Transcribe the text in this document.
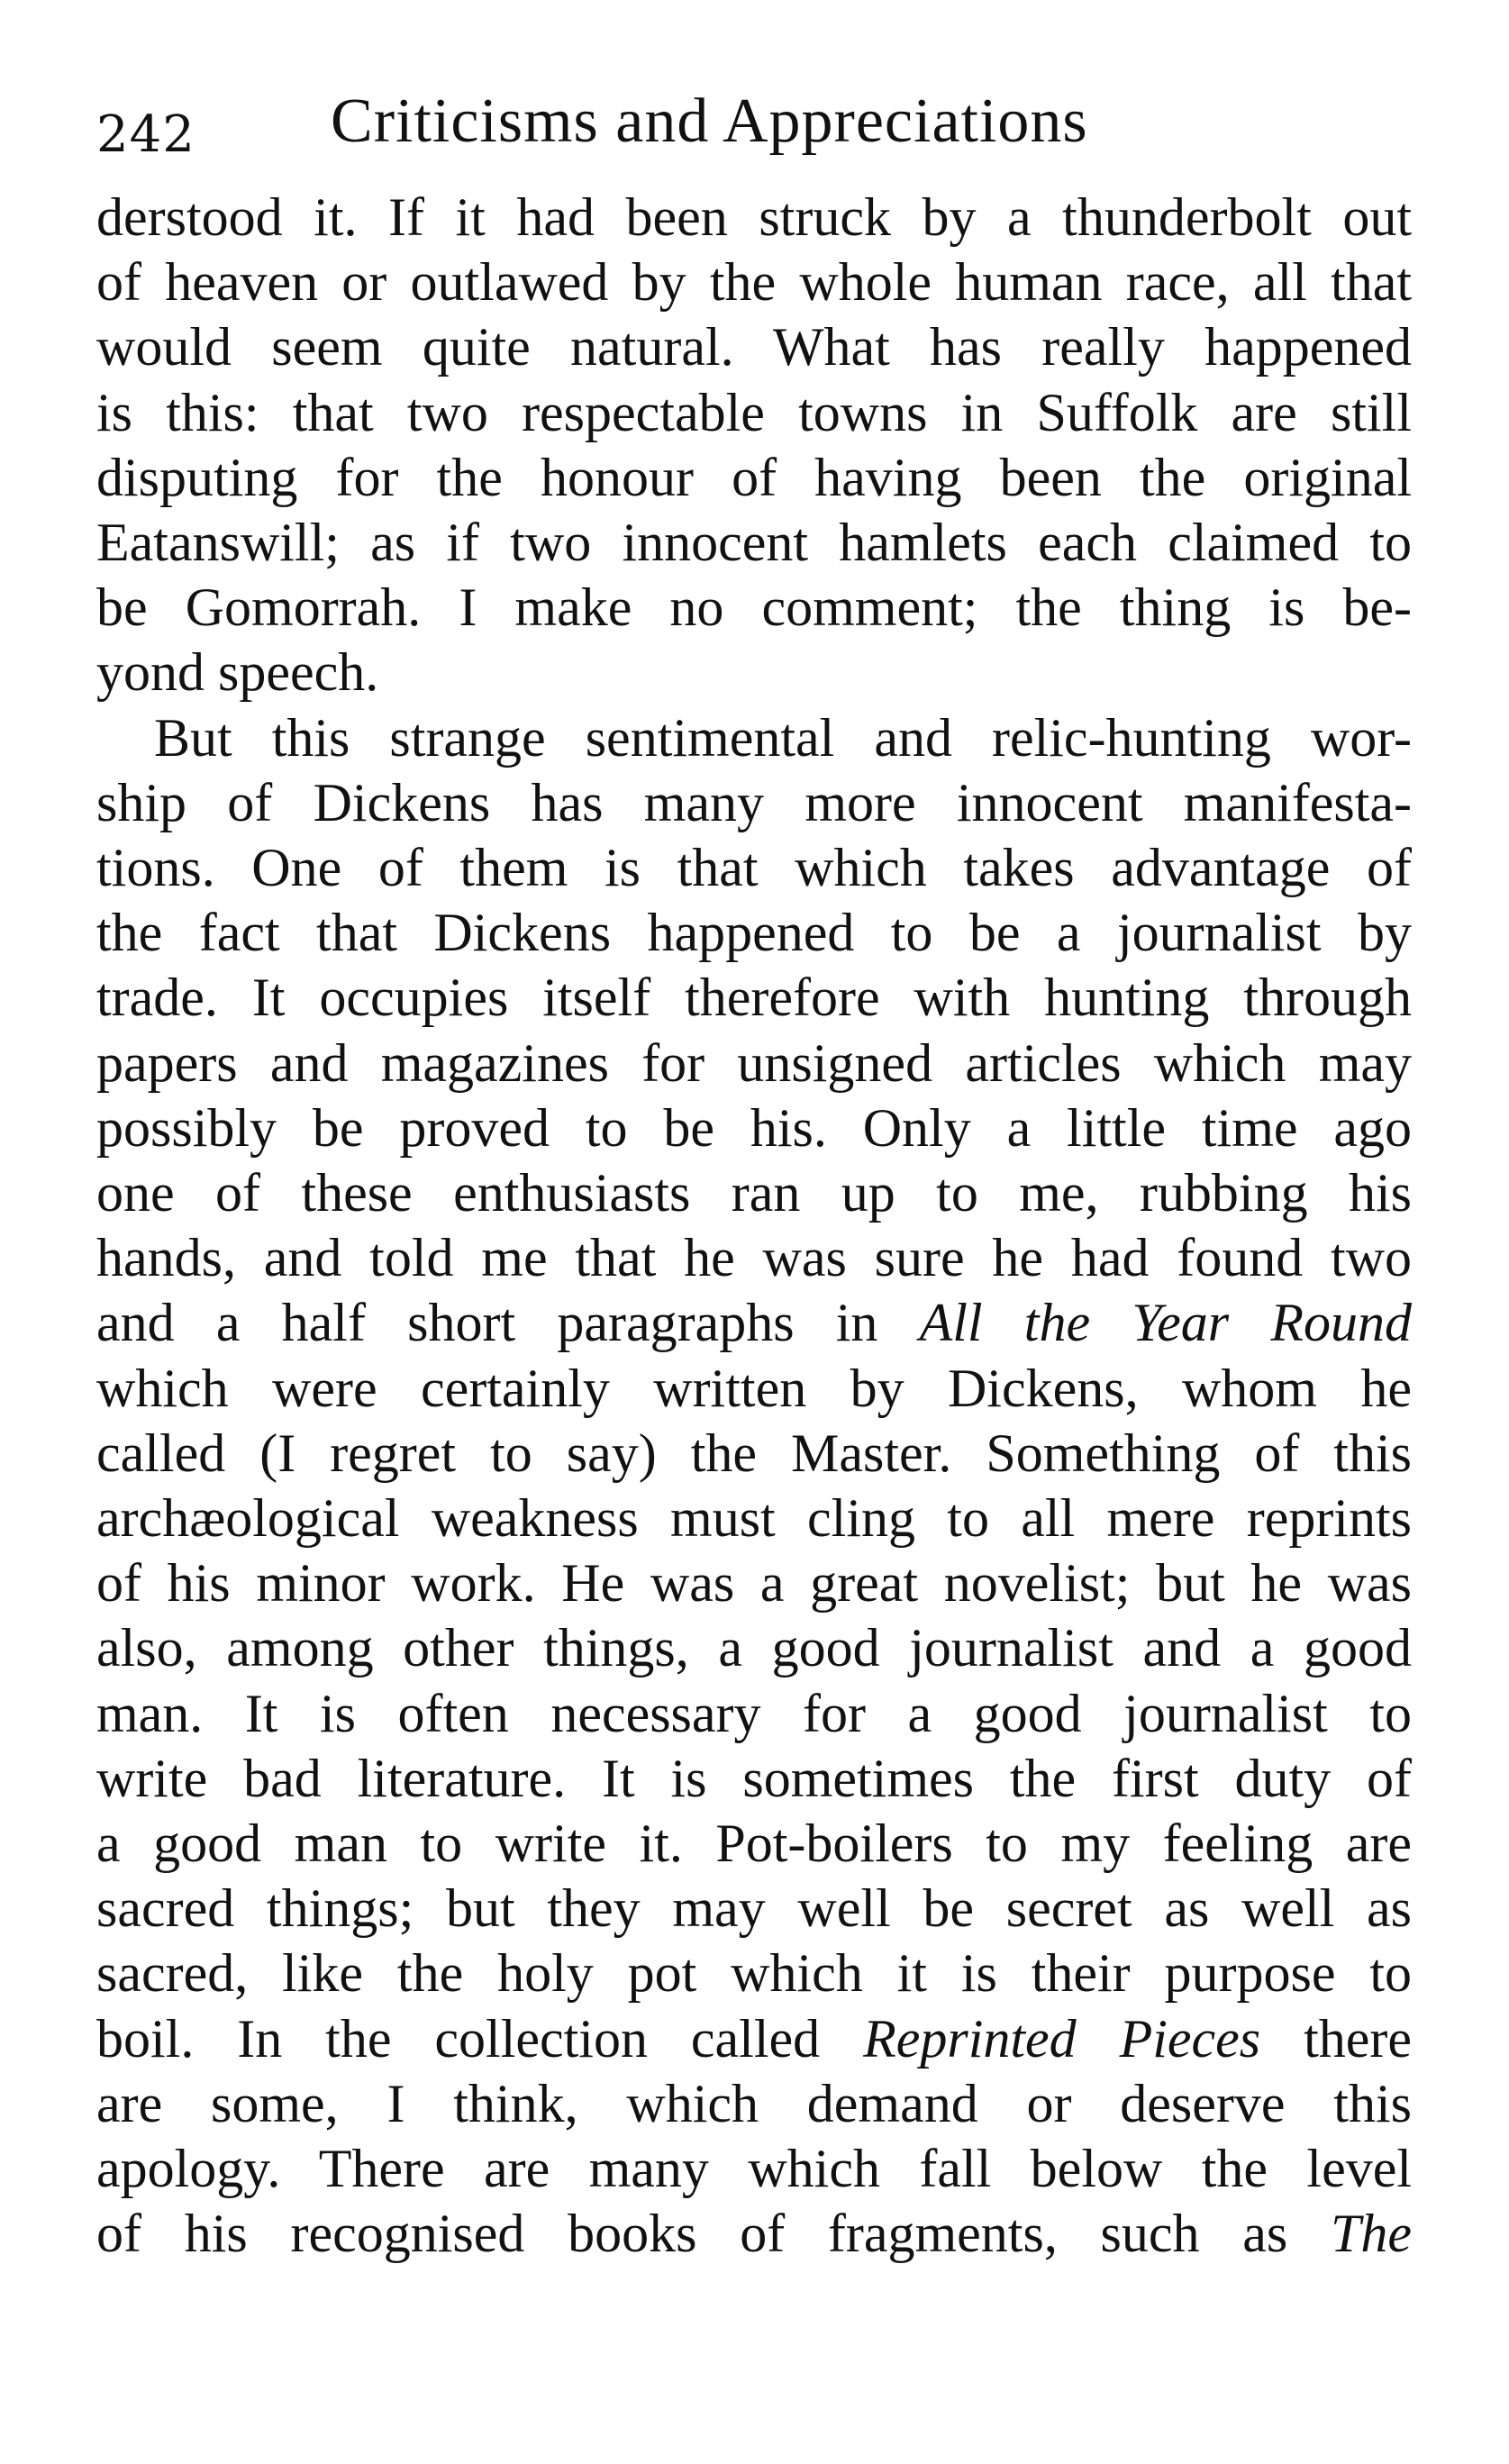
242 Criticisms and Appreciations

derstood it. If it had been struck by a thunderbolt out
of heaven or outlawed by the whole human race, all that
would seem quite natural. What has really happened
is this: that two respectable towns in Suffolk are still
disputing for the honour of having been the original
Eatanswill; as if two innocent hamlets each claimed to
be Gomorrah. I make no comment; the thing is be-
yond speech.

But this strange sentimental and relic-hunting wor-
ship of Dickens has many more innocent manifesta-
tions. One of them is that which takes advantage of
the fact that Dickens happened to be a journalist by
trade. It occupies itself therefore with hunting through
papers and magazines for unsigned articles which may
possibly be proved to be his. Only a little time ago
one of these enthusiasts ran up to me, rubbing his
hands, and told me that he was sure he had found two
and a half short paragraphs in All the Year Round
which were certainly written by Dickens, whom he
called (I regret to say) the Master. Something of this
archæological weakness must cling to all mere reprints
of his minor work. He was a great novelist; but he was
also, among other things, a good journalist and a good
man. It is often necessary for a good journalist to
write bad literature. It is sometimes the first duty of
a good man to write it. Pot-boilers to my feeling are
sacred things; but they may well be secret as well as
sacred, like the holy pot which it is their purpose to
boil. In the collection called Reprinted Pieces there
are some, I think, which demand or deserve this
apology. There are many which fall below the level
of his recognised books of fragments, such as The
